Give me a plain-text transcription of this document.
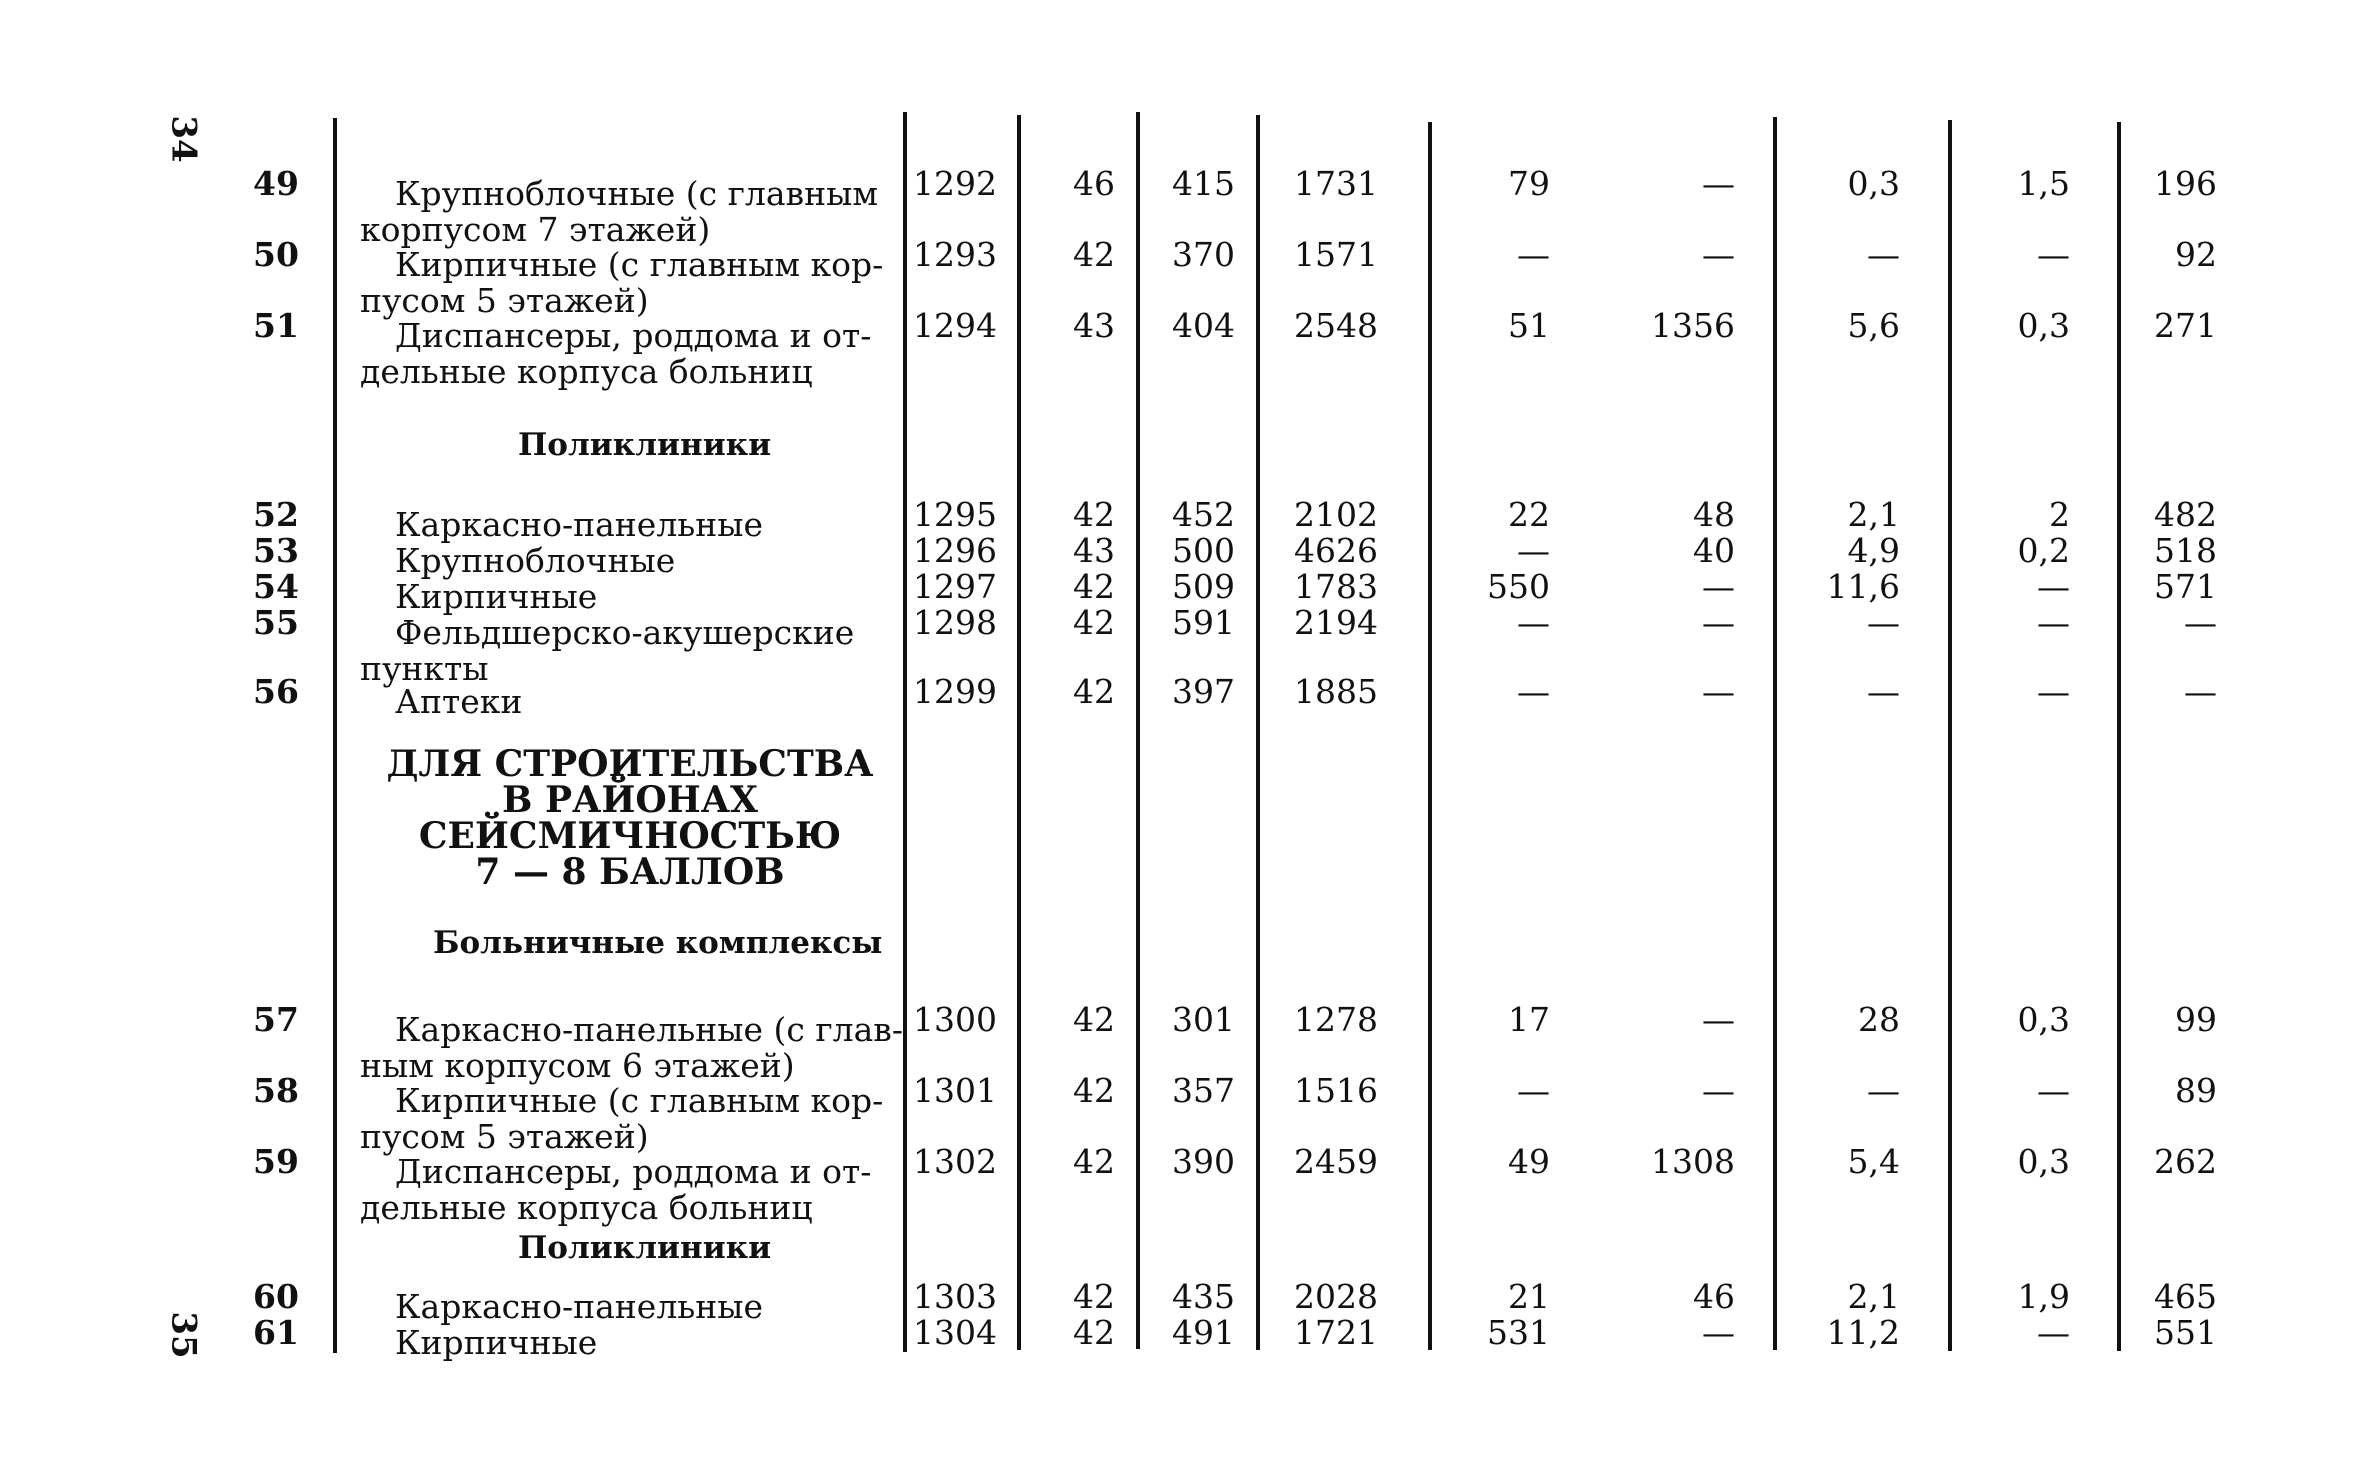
34
35
Поликлиники
ДЛЯ СТРОИТЕЛЬСТВА
В РАЙОНАХ
СЕЙСМИЧНОСТЬЮ
7 — 8 БАЛЛОВ
Больничные комплексы
Поликлиники
49	Крупноблочные (с главным
корпусом 7 этажей)
1292	46	415	1731	79	—	0,3	1,5	196
50	Кирпичные (с главным кор-
пусом 5 этажей)
1293	42	370	1571	—	—	—	—	92
51	Диспансеры, роддома и от-
дельные корпуса больниц
1294	43	404	2548	51	1356	5,6	0,3	271
52	Каркасно-панельные	1295	42	452	2102	22	48	2,1	2	482
53	Крупноблочные	1296	43	500	4626	—	40	4,9	0,2	518
54	Кирпичные	1297	42	509	1783	550	—	11,6	—	571
55	Фельдшерско-акушерские
пункты
1298	42	591	2194	—	—	—	—	—
56	Аптеки	1299	42	397	1885	—	—	—	—	—
57	Каркасно-панельные (с глав-
ным корпусом 6 этажей)
1300	42	301	1278	17	—	28	0,3	99
58	Кирпичные (с главным кор-
пусом 5 этажей)
1301	42	357	1516	—	—	—	—	89
59	Диспансеры, роддома и от-
дельные корпуса больниц
1302	42	390	2459	49	1308	5,4	0,3	262
60	Каркасно-панельные	1303	42	435	2028	21	46	2,1	1,9	465
61	Кирпичные	1304	42	491	1721	531	—	11,2	—	551
